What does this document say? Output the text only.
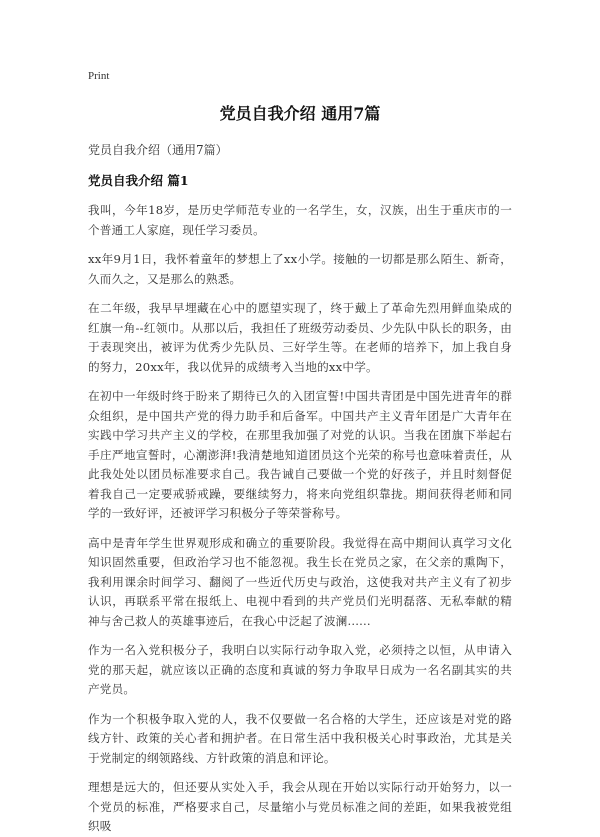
Print
党员自我介绍 通用7篇
党员自我介绍（通用7篇）
党员自我介绍 篇1

我叫，今年18岁，是历史学师范专业的一名学生，女，汉族，出生于重庆市的一个普通工人家庭，现任学习委员。

xx年9月1日，我怀着童年的梦想上了xx小学。接触的一切都是那么陌生、新奇，久而久之，又是那么的熟悉。

在二年级，我早早埋藏在心中的愿望实现了，终于戴上了革命先烈用鲜血染成的红旗一角--红领巾。从那以后，我担任了班级劳动委员、少先队中队长的职务，由于表现突出，被评为优秀少先队员、三好学生等。在老师的培养下，加上我自身的努力，20xx年，我以优异的成绩考入当地的xx中学。

在初中一年级时终于盼来了期待已久的入团宣誓!中国共青团是中国先进青年的群众组织，是中国共产党的得力助手和后备军。中国共产主义青年团是广大青年在实践中学习共产主义的学校，在那里我加强了对党的认识。当我在团旗下举起右手庄严地宣誓时，心潮澎湃!我清楚地知道团员这个光荣的称号也意味着责任，从此我处处以团员标准要求自己。我告诫自己要做一个党的好孩子，并且时刻督促着我自己一定要戒骄戒躁，要继续努力，将来向党组织靠拢。期间获得老师和同学的一致好评，还被评学习积极分子等荣誉称号。

高中是青年学生世界观形成和确立的重要阶段。我觉得在高中期间认真学习文化知识固然重要，但政治学习也不能忽视。我生长在党员之家，在父亲的熏陶下，我利用课余时间学习、翻阅了一些近代历史与政治，这使我对共产主义有了初步认识，再联系平常在报纸上、电视中看到的共产党员们光明磊落、无私奉献的精神与舍己救人的英雄事迹后，在我心中泛起了波澜......

作为一名入党积极分子，我明白以实际行动争取入党，必须持之以恒，从申请入党的那天起，就应该以正确的态度和真诚的努力争取早日成为一名名副其实的共产党员。

作为一个积极争取入党的人，我不仅要做一名合格的大学生，还应该是对党的路线方针、政策的关心者和拥护者。在日常生活中我积极关心时事政治，尤其是关于党制定的纲领路线、方针政策的消息和评论。

理想是远大的，但还要从实处入手，我会从现在开始以实际行动开始努力，以一个党员的标准，严格要求自己，尽量缩小与党员标准之间的差距，如果我被党组织吸
